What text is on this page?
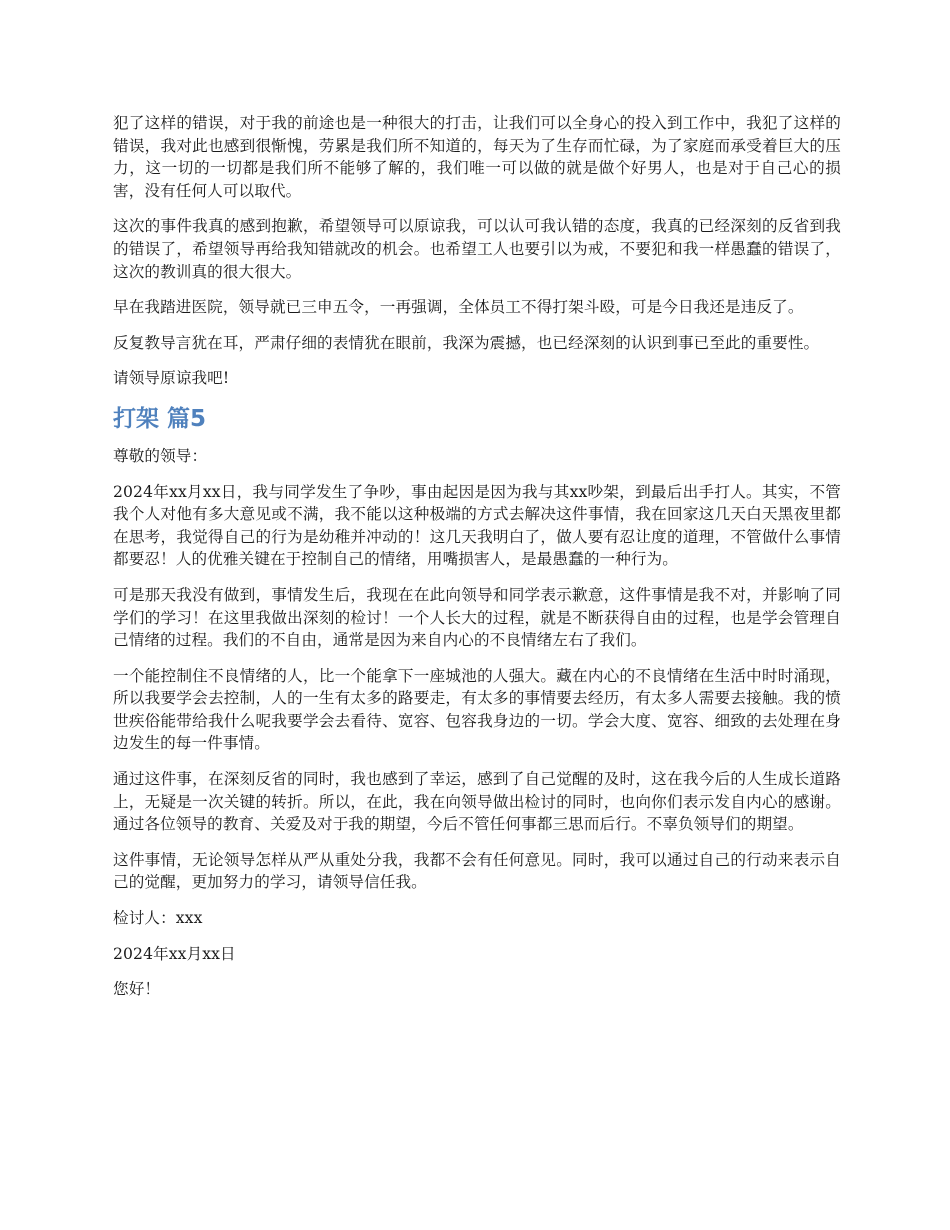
犯了这样的错误，对于我的前途也是一种很大的打击，让我们可以全身心的投入到工作中，我犯了这样的错误，我对此也感到很惭愧，劳累是我们所不知道的，每天为了生存而忙碌，为了家庭而承受着巨大的压力，这一切的一切都是我们所不能够了解的，我们唯一可以做的就是做个好男人，也是对于自己心的损害，没有任何人可以取代。

这次的事件我真的感到抱歉，希望领导可以原谅我，可以认可我认错的态度，我真的已经深刻的反省到我的错误了，希望领导再给我知错就改的机会。也希望工人也要引以为戒，不要犯和我一样愚蠢的错误了，这次的教训真的很大很大。

早在我踏进医院，领导就已三申五令，一再强调，全体员工不得打架斗殴，可是今日我还是违反了。

反复教导言犹在耳，严肃仔细的表情犹在眼前，我深为震撼，也已经深刻的认识到事已至此的重要性。

请领导原谅我吧!

打架 篇5

尊敬的领导：

2024年xx月xx日，我与同学发生了争吵，事由起因是因为我与其xx吵架，到最后出手打人。其实，不管我个人对他有多大意见或不满，我不能以这种极端的方式去解决这件事情，我在回家这几天白天黑夜里都在思考，我觉得自己的行为是幼稚并冲动的！这几天我明白了，做人要有忍让度的道理，不管做什么事情都要忍！人的优雅关键在于控制自己的情绪，用嘴损害人，是最愚蠢的一种行为。

可是那天我没有做到，事情发生后，我现在在此向领导和同学表示歉意，这件事情是我不对，并影响了同学们的学习！在这里我做出深刻的检讨！一个人长大的过程，就是不断获得自由的过程，也是学会管理自己情绪的过程。我们的不自由，通常是因为来自内心的不良情绪左右了我们。

一个能控制住不良情绪的人，比一个能拿下一座城池的人强大。藏在内心的不良情绪在生活中时时涌现，所以我要学会去控制，人的一生有太多的路要走，有太多的事情要去经历，有太多人需要去接触。我的愤世疾俗能带给我什么呢我要学会去看待、宽容、包容我身边的一切。学会大度、宽容、细致的去处理在身边发生的每一件事情。

通过这件事，在深刻反省的同时，我也感到了幸运，感到了自己觉醒的及时，这在我今后的人生成长道路上，无疑是一次关键的转折。所以，在此，我在向领导做出检讨的同时，也向你们表示发自内心的感谢。通过各位领导的教育、关爱及对于我的期望，今后不管任何事都三思而后行。不辜负领导们的期望。

这件事情，无论领导怎样从严从重处分我，我都不会有任何意见。同时，我可以通过自己的行动来表示自己的觉醒，更加努力的学习，请领导信任我。

检讨人：xxx

2024年xx月xx日

您好！
